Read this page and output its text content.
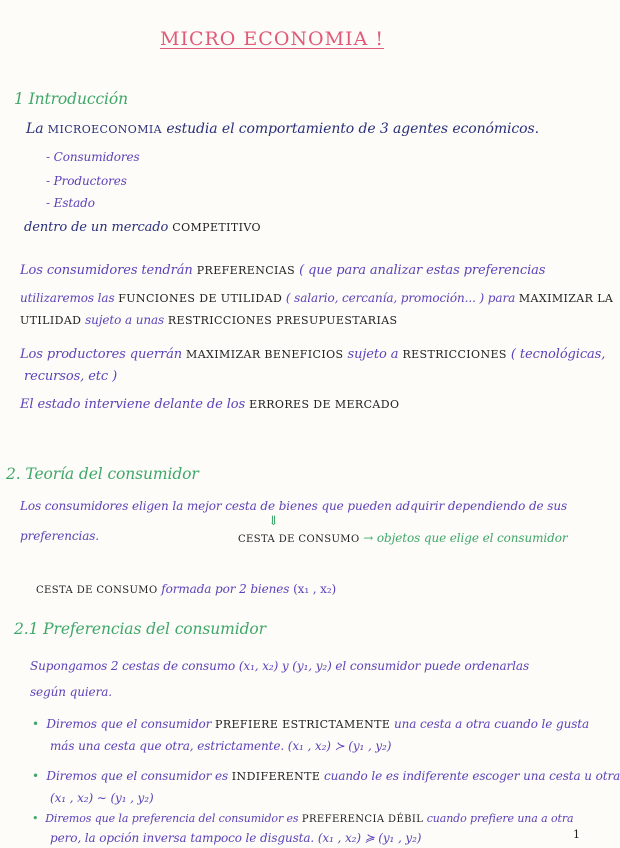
MICRO ECONOMIA !
1 Introducción
La MICROECONOMIA estudia el comportamiento de 3 agentes económicos.
- Consumidores
- Productores
- Estado
dentro de un mercado COMPETITIVO
Los consumidores tendrán PREFERENCIAS ( que para analizar estas preferencias
utilizaremos las FUNCIONES DE UTILIDAD ( salario, cercanía, promoción... ) para MAXIMIZAR LA
UTILIDAD sujeto a unas RESTRICCIONES PRESUPUESTARIAS
Los productores querrán MAXIMIZAR BENEFICIOS sujeto a RESTRICCIONES ( tecnológicas,
recursos, etc )
El estado interviene delante de los ERRORES DE MERCADO
2. Teoría del consumidor
Los consumidores eligen la mejor cesta de bienes que pueden adquirir dependiendo de sus
preferencias.
⇓
CESTA DE CONSUMO → objetos que elige el consumidor
CESTA DE CONSUMO formada por 2 bienes (x₁ , x₂)
2.1 Preferencias del consumidor
Supongamos 2 cestas de consumo (x₁, x₂) y (y₁, y₂) el consumidor puede ordenarlas
según quiera.
• Diremos que el consumidor PREFIERE ESTRICTAMENTE una cesta a otra cuando le gusta
más una cesta que otra, estrictamente. (x₁ , x₂) ≻ (y₁ , y₂)
• Diremos que el consumidor es INDIFERENTE cuando le es indiferente escoger una cesta u otra
(x₁ , x₂) ∼ (y₁ , y₂)
• Diremos que la preferencia del consumidor es PREFERENCIA DÉBIL cuando prefiere una a otra
pero, la opción inversa tampoco le disgusta. (x₁ , x₂) ≽ (y₁ , y₂)	1
